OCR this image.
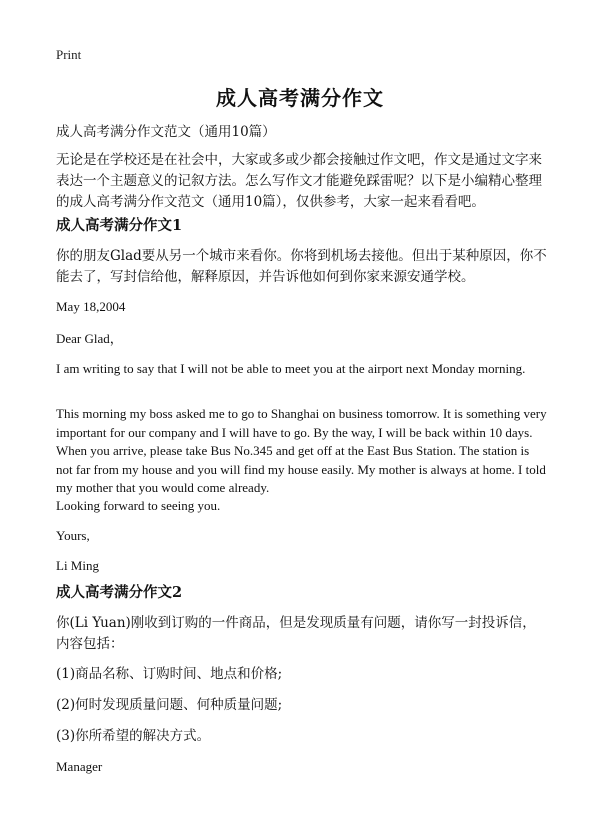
Print
成人高考满分作文

成人高考满分作文范文（通用10篇）

无论是在学校还是在社会中，大家或多或少都会接触过作文吧，作文是通过文字来表达一个主题意义的记叙方法。怎么写作文才能避免踩雷呢？以下是小编精心整理的成人高考满分作文范文（通用10篇），仅供参考，大家一起来看看吧。

成人高考满分作文1

你的朋友Glad要从另一个城市来看你。你将到机场去接他。但出于某种原因，你不能去了，写封信给他，解释原因，并告诉他如何到你家来源安通学校。

May 18,2004

Dear Glad，

I am writing to say that I will not be able to meet you at the airport next Monday morning.

This morning my boss asked me to go to Shanghai on business tomorrow. It is something very important for our company and I will have to go. By the way, I will be back within 10 days. When you arrive, please take Bus No.345 and get off at the East Bus Station. The station is not far from my house and you will find my house easily. My mother is always at home. I told my mother that you would come already.

Looking forward to seeing you.

Yours,

Li Ming

成人高考满分作文2

你(Li Yuan)刚收到订购的一件商品，但是发现质量有问题，请你写一封投诉信，内容包括：

(1)商品名称、订购时间、地点和价格;

(2)何时发现质量问题、何种质量问题;

(3)你所希望的解决方式。

Manager
